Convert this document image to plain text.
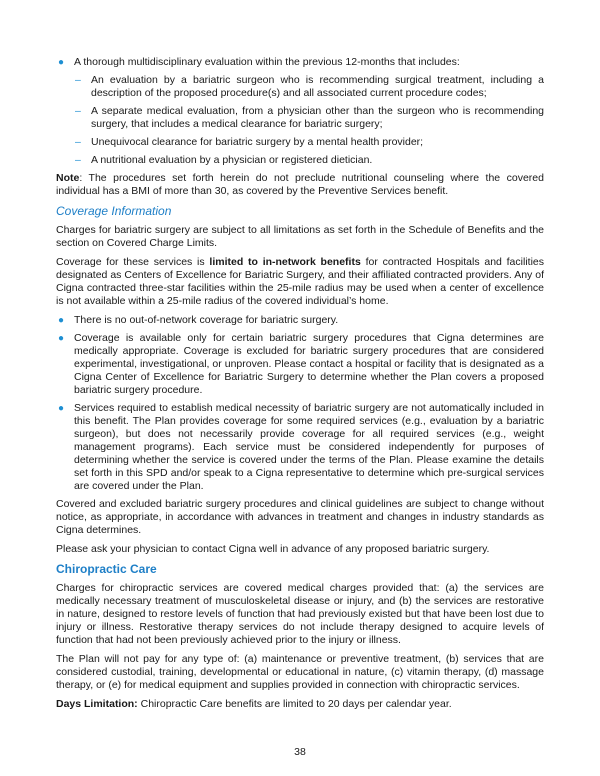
● A thorough multidisciplinary evaluation within the previous 12-months that includes:
– An evaluation by a bariatric surgeon who is recommending surgical treatment, including a description of the proposed procedure(s) and all associated current procedure codes;
– A separate medical evaluation, from a physician other than the surgeon who is recommending surgery, that includes a medical clearance for bariatric surgery;
– Unequivocal clearance for bariatric surgery by a mental health provider;
– A nutritional evaluation by a physician or registered dietician.

Note: The procedures set forth herein do not preclude nutritional counseling where the covered individual has a BMI of more than 30, as covered by the Preventive Services benefit.

Coverage Information

Charges for bariatric surgery are subject to all limitations as set forth in the Schedule of Benefits and the section on Covered Charge Limits.

Coverage for these services is limited to in-network benefits for contracted Hospitals and facilities designated as Centers of Excellence for Bariatric Surgery, and their affiliated contracted providers. Any of Cigna contracted three-star facilities within the 25-mile radius may be used when a center of excellence is not available within a 25-mile radius of the covered individual’s home.

● There is no out-of-network coverage for bariatric surgery.
● Coverage is available only for certain bariatric surgery procedures that Cigna determines are medically appropriate. Coverage is excluded for bariatric surgery procedures that are considered experimental, investigational, or unproven. Please contact a hospital or facility that is designated as a Cigna Center of Excellence for Bariatric Surgery to determine whether the Plan covers a proposed bariatric surgery procedure.
● Services required to establish medical necessity of bariatric surgery are not automatically included in this benefit. The Plan provides coverage for some required services (e.g., evaluation by a bariatric surgeon), but does not necessarily provide coverage for all required services (e.g., weight management programs). Each service must be considered independently for purposes of determining whether the service is covered under the terms of the Plan. Please examine the details set forth in this SPD and/or speak to a Cigna representative to determine which pre-surgical services are covered under the Plan.

Covered and excluded bariatric surgery procedures and clinical guidelines are subject to change without notice, as appropriate, in accordance with advances in treatment and changes in industry standards as Cigna determines.

Please ask your physician to contact Cigna well in advance of any proposed bariatric surgery.

Chiropractic Care

Charges for chiropractic services are covered medical charges provided that: (a) the services are medically necessary treatment of musculoskeletal disease or injury, and (b) the services are restorative in nature, designed to restore levels of function that had previously existed but that have been lost due to injury or illness. Restorative therapy services do not include therapy designed to acquire levels of function that had not been previously achieved prior to the injury or illness.

The Plan will not pay for any type of: (a) maintenance or preventive treatment, (b) services that are considered custodial, training, developmental or educational in nature, (c) vitamin therapy, (d) massage therapy, or (e) for medical equipment and supplies provided in connection with chiropractic services.

Days Limitation: Chiropractic Care benefits are limited to 20 days per calendar year.

38
